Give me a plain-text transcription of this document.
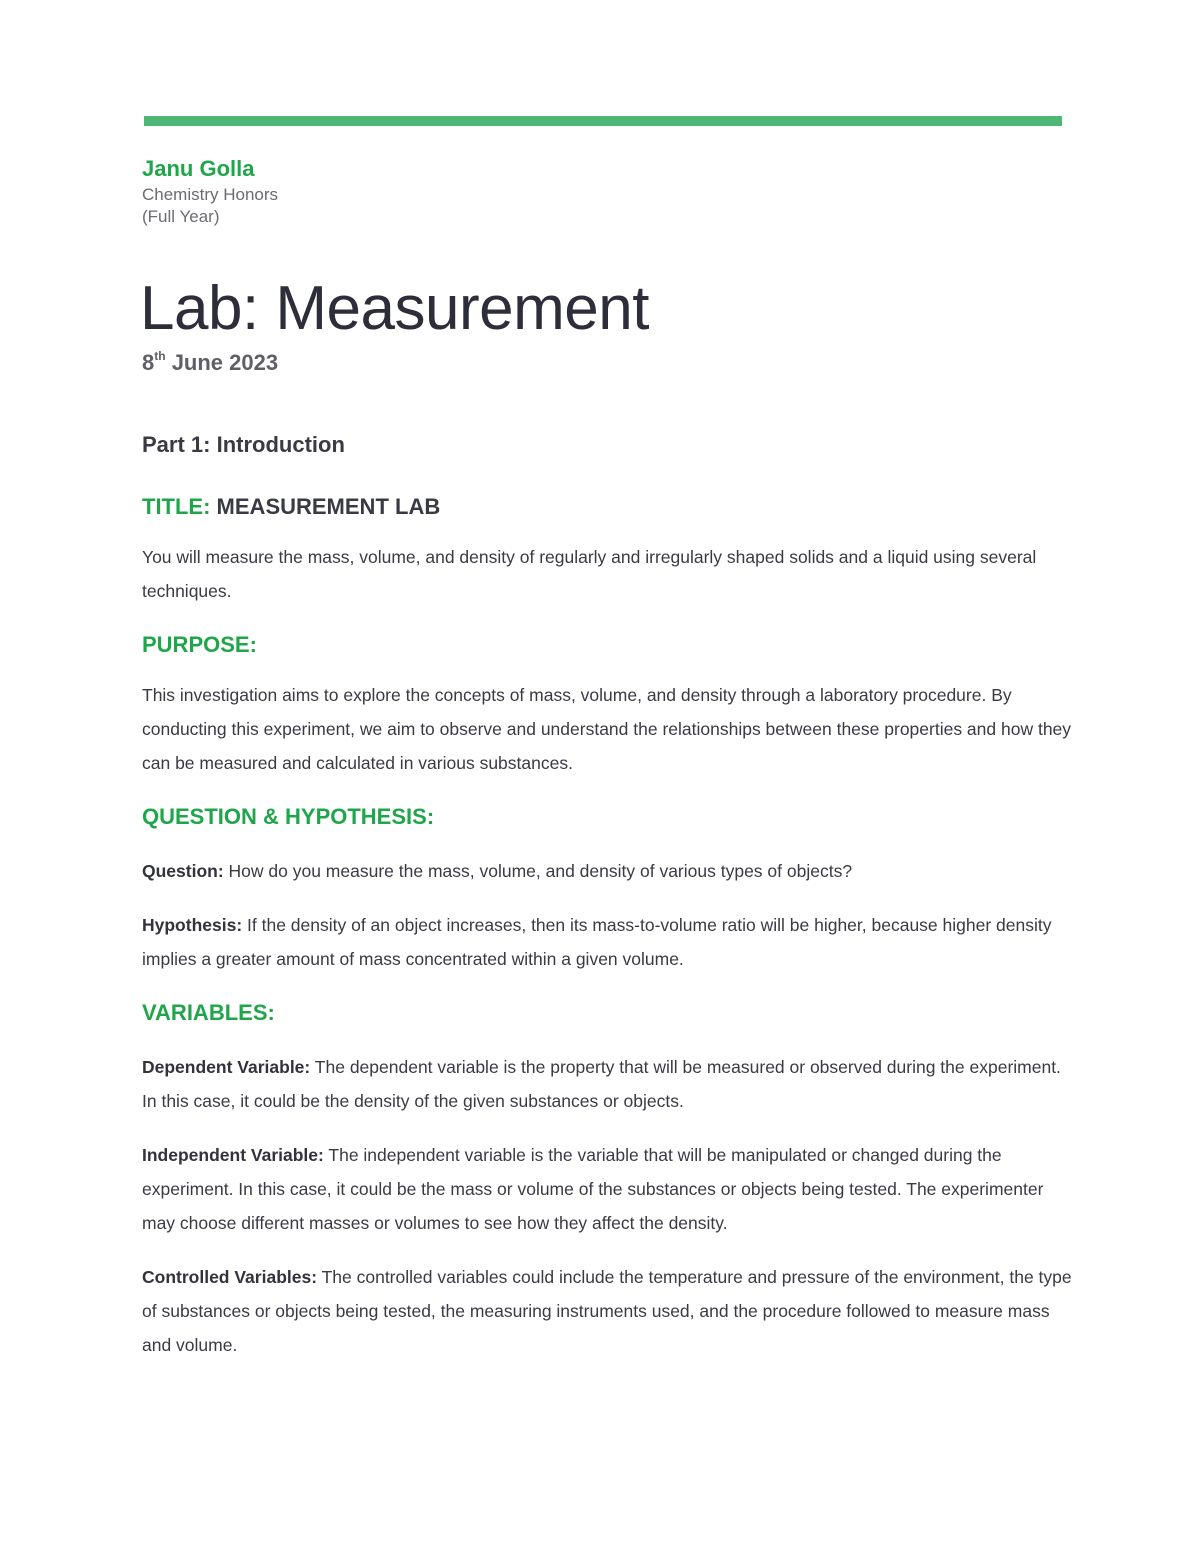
Janu Golla
Chemistry Honors
(Full Year)
Lab: Measurement
8th June 2023
Part 1: Introduction
TITLE: MEASUREMENT LAB

You will measure the mass, volume, and density of regularly and irregularly shaped solids and a liquid using several techniques.

PURPOSE:

This investigation aims to explore the concepts of mass, volume, and density through a laboratory procedure. By conducting this experiment, we aim to observe and understand the relationships between these properties and how they can be measured and calculated in various substances.

QUESTION & HYPOTHESIS:

Question: How do you measure the mass, volume, and density of various types of objects?

Hypothesis: If the density of an object increases, then its mass-to-volume ratio will be higher, because higher density implies a greater amount of mass concentrated within a given volume.

VARIABLES:

Dependent Variable: The dependent variable is the property that will be measured or observed during the experiment. In this case, it could be the density of the given substances or objects.

Independent Variable: The independent variable is the variable that will be manipulated or changed during the experiment. In this case, it could be the mass or volume of the substances or objects being tested. The experimenter may choose different masses or volumes to see how they affect the density.

Controlled Variables: The controlled variables could include the temperature and pressure of the environment, the type of substances or objects being tested, the measuring instruments used, and the procedure followed to measure mass and volume.
